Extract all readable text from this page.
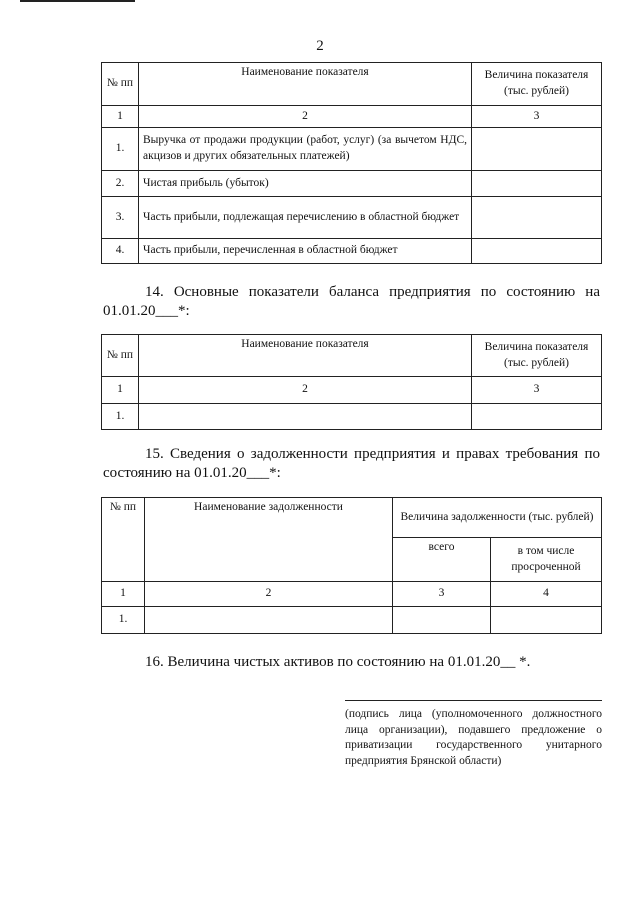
2
№ пп	Наименование показателя	Величина показателя (тыс. рублей)
1	2	3
1.	Выручка от продажи продукции (работ, услуг) (за вычетом НДС, акцизов и других обязательных платежей)	
2.	Чистая прибыль (убыток)	
3.	Часть прибыли, подлежащая перечислению в областной бюджет	
4.	Часть прибыли, перечисленная в областной бюджет	
14. Основные показатели баланса предприятия по состоянию на 01.01.20___*:
№ пп	Наименование показателя	Величина показателя (тыс. рублей)
1	2	3
1.		
15. Сведения о задолженности предприятия и правах требования по состоянию на 01.01.20___*:
№ пп	Наименование задолженности	Величина задолженности (тыс. рублей)	
		всего	в том числе просроченной
1	2	3	4
1.			
16. Величина чистых активов по состоянию на 01.01.20__ *.
(подпись лица (уполномоченного должностного лица организации), подавшего предложение о приватизации государственного унитарного предприятия Брянской области)
